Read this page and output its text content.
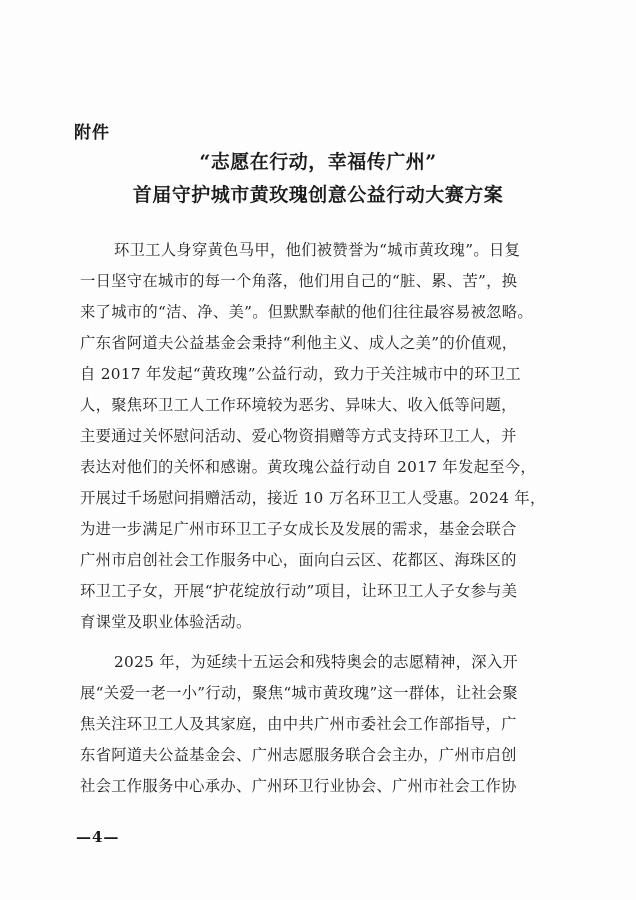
附件
“志愿在行动，幸福传广州”
首届守护城市黄玫瑰创意公益行动大赛方案
环卫工人身穿黄色马甲，他们被赞誉为“城市黄玫瑰”。日复
一日坚守在城市的每一个角落，他们用自己的“脏、累、苦”，换
来了城市的“洁、净、美”。但默默奉献的他们往往最容易被忽略。
广东省阿道夫公益基金会秉持“利他主义、成人之美”的价值观，
自 2017 年发起“黄玫瑰”公益行动，致力于关注城市中的环卫工
人，聚焦环卫工人工作环境较为恶劣、异味大、收入低等问题，
主要通过关怀慰问活动、爱心物资捐赠等方式支持环卫工人，并
表达对他们的关怀和感谢。黄玫瑰公益行动自 2017 年发起至今，
开展过千场慰问捐赠活动，接近 10 万名环卫工人受惠。2024 年，
为进一步满足广州市环卫工子女成长及发展的需求，基金会联合
广州市启创社会工作服务中心，面向白云区、花都区、海珠区的
环卫工子女，开展“护花绽放行动”项目，让环卫工人子女参与美
育课堂及职业体验活动。
2025 年，为延续十五运会和残特奥会的志愿精神，深入开
展“关爱一老一小”行动，聚焦“城市黄玫瑰”这一群体，让社会聚
焦关注环卫工人及其家庭，由中共广州市委社会工作部指导，广
东省阿道夫公益基金会、广州志愿服务联合会主办，广州市启创
社会工作服务中心承办、广州环卫行业协会、广州市社会工作协
—4—
